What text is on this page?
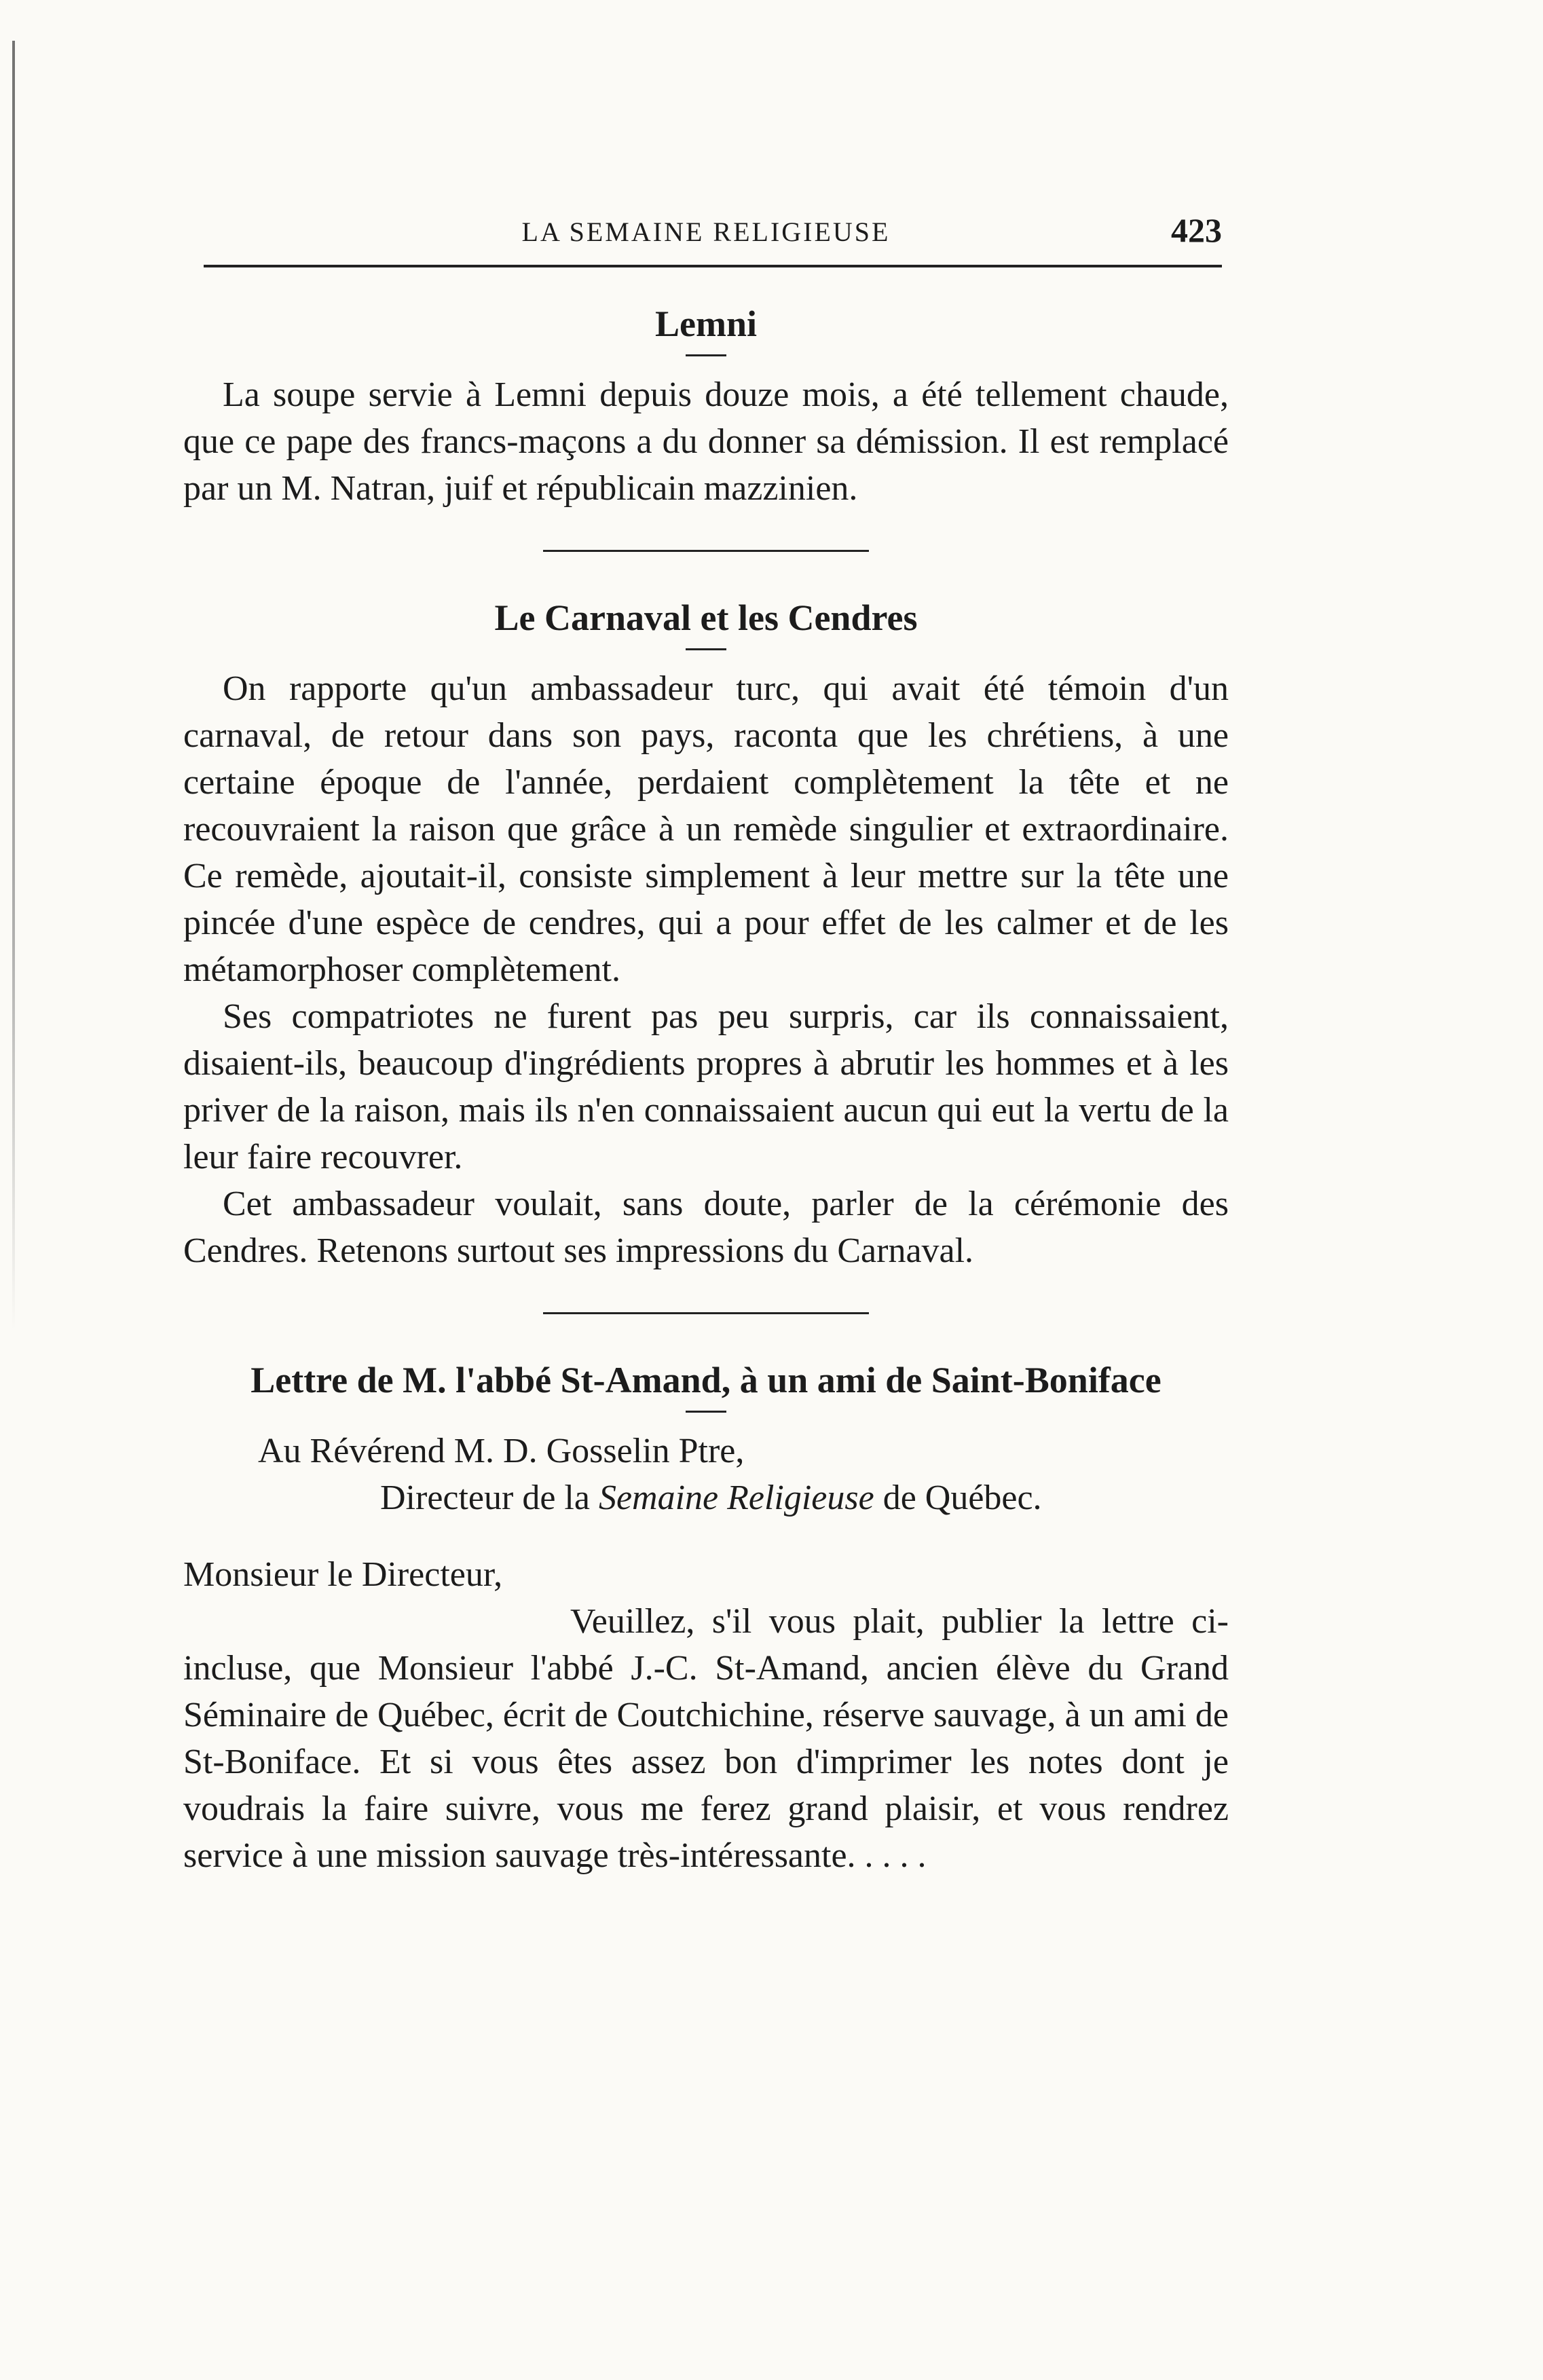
LA SEMAINE RELIGIEUSE	423
Lemni

La soupe servie à Lemni depuis douze mois, a été tellement chaude, que ce pape des francs-maçons a du donner sa démission. Il est remplacé par un M. Natran, juif et républicain mazzinien.

Le Carnaval et les Cendres

On rapporte qu'un ambassadeur turc, qui avait été témoin d'un carnaval, de retour dans son pays, raconta que les chrétiens, à une certaine époque de l'année, perdaient complètement la tête et ne recouvraient la raison que grâce à un remède singulier et extraordinaire. Ce remède, ajoutait-il, consiste simplement à leur mettre sur la tête une pincée d'une espèce de cendres, qui a pour effet de les calmer et de les métamorphoser complètement.

Ses compatriotes ne furent pas peu surpris, car ils connaissaient, disaient-ils, beaucoup d'ingrédients propres à abrutir les hommes et à les priver de la raison, mais ils n'en connaissaient aucun qui eut la vertu de la leur faire recouvrer.

Cet ambassadeur voulait, sans doute, parler de la cérémonie des Cendres. Retenons surtout ses impressions du Carnaval.

Lettre de M. l'abbé St-Amand, à un ami de Saint-Boniface
Au Révérend M. D. Gosselin Ptre,
Directeur de la Semaine Religieuse de Québec.
Monsieur le Directeur,

Veuillez, s'il vous plait, publier la lettre ci-incluse, que Monsieur l'abbé J.-C. St-Amand, ancien élève du Grand Séminaire de Québec, écrit de Coutchichine, réserve sauvage, à un ami de St-Boniface. Et si vous êtes assez bon d'imprimer les notes dont je voudrais la faire suivre, vous me ferez grand plaisir, et vous rendrez service à une mission sauvage très-intéressante. . . . .
